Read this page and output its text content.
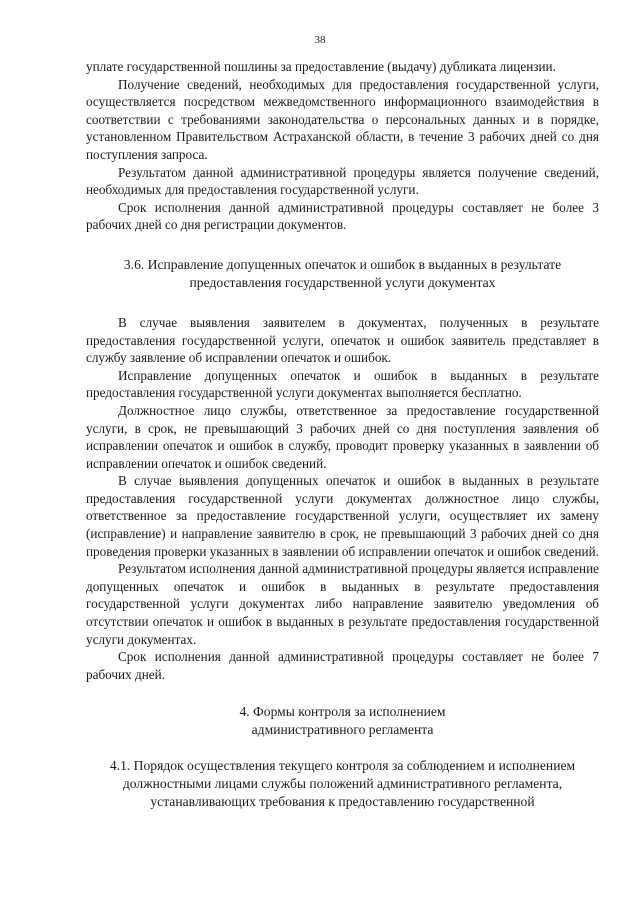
38

уплате государственной пошлины за предоставление (выдачу) дубликата лицензии.

Получение сведений, необходимых для предоставления государственной услуги, осуществляется посредством межведомственного информационного взаимодействия в соответствии с требованиями законодательства о персональных данных и в порядке, установленном Правительством Астраханской области, в течение 3 рабочих дней со дня поступления запроса.

Результатом данной административной процедуры является получение сведений, необходимых для предоставления государственной услуги.

Срок исполнения данной административной процедуры составляет не более 3 рабочих дней со дня регистрации документов.

3.6. Исправление допущенных опечаток и ошибок в выданных в результате предоставления государственной услуги документах

В случае выявления заявителем в документах, полученных в результате предоставления государственной услуги, опечаток и ошибок заявитель представляет в службу заявление об исправлении опечаток и ошибок.

Исправление допущенных опечаток и ошибок в выданных в результате предоставления государственной услуги документах выполняется бесплатно.

Должностное лицо службы, ответственное за предоставление государственной услуги, в срок, не превышающий 3 рабочих дней со дня поступления заявления об исправлении опечаток и ошибок в службу, проводит проверку указанных в заявлении об исправлении опечаток и ошибок сведений.

В случае выявления допущенных опечаток и ошибок в выданных в результате предоставления государственной услуги документах должностное лицо службы, ответственное за предоставление государственной услуги, осуществляет их замену (исправление) и направление заявителю в срок, не превышающий 3 рабочих дней со дня проведения проверки указанных в заявлении об исправлении опечаток и ошибок сведений.

Результатом исполнения данной административной процедуры является исправление допущенных опечаток и ошибок в выданных в результате предоставления государственной услуги документах либо направление заявителю уведомления об отсутствии опечаток и ошибок в выданных в результате предоставления государственной услуги документах.

Срок исполнения данной административной процедуры составляет не более 7 рабочих дней.

4. Формы контроля за исполнением
административного регламента

4.1. Порядок осуществления текущего контроля за соблюдением и исполнением должностными лицами службы положений административного регламента, устанавливающих требования к предоставлению государственной
